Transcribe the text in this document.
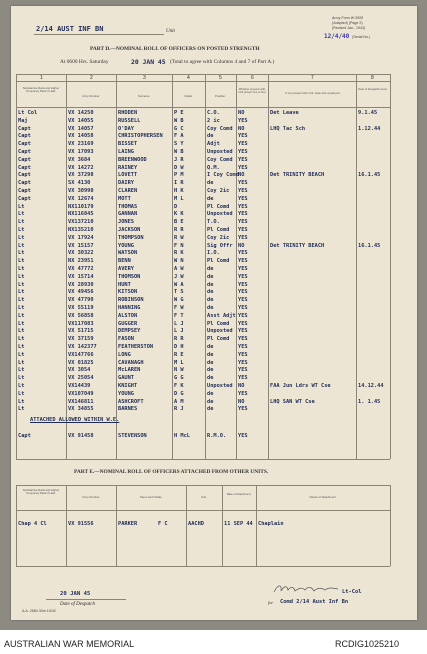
2/14 AUST INF BN	Unit
Army Form W.3008
(Adapted) (Page 2)
(Revised Jan., 1943)
12/4/40 (Serial No.)
PART D.—NOMINAL ROLL OF OFFICERS ON POSTED STRENGTH
At 0600 Hrs. Saturday	20 JAN 45 (Total to agree with Columns 4 and 7 of Part A.)
1	2	3	4	5	6	7	8
Substantive Rank and Higher Temporary Rank if Held.
Army Number.	Surname.	Initials.	Position.
Whether present with Unit (insert Yes or No)	If not present with Unit, state how employed.
Date of Despatch-ment.
Lt Col	VX 14250	RHODEN	P E	C.O.	NO	Det Leave	9.1.45
Maj	VX 14055	RUSSELL	W B	2 ic	YES
Capt	VX 14057	O'DAY	G C	Coy Comd NO	LHQ Tac Sch	1.12.44
Capt	VX 14058	CHRISTOPHERSEN F A	de	YES
Capt	VX 23169	BISSET	S Y	Adjt	YES
Capt	VX 17093	LAING	W B	Unposted YES
Capt	VX 3684	BREENWOOD	J R	Coy Comd YES
Capt	VX 14272	RAINEY	D W	Q.M.	YES
Capt	VX 37298	LOVETT	P M	I Coy Comd NO	Det TRINITY BEACH	16.1.45
Capt	SX 4130	DAIRY	I R	de	YES
Capt	VX 30990	CLAREN	H K	Coy 2ic YES
Capt	VX 12674	MOTT	M L	de	YES
Lt	NX110179	THOMAS	D	Pl Comd YES
Lt	NX116845	GANNAN	K K	Unposted YES
Lt	VX137210	JONES	B E	T.O.	YES
Lt	NX135210	JACKSON	R R	Pl Comd YES
Lt	VX 17924	THOMPSON	R W	Coy 2ic YES
Lt	VX 15157	YOUNG	F N	Sig Offr NO	Det TRINITY BEACH	16.1.45
Lt	VX 30322	WATSON	R K	I.O.	YES
Lt	NX 23951	BENN	W N	Pl Comd YES
Lt	VX 47772	AVERY	A W	de	YES
Lt	VX 15714	THOMSON	J W	de	YES
Lt	VX 28930	HUNT	W A	de	YES
Lt	VX 49456	KITSON	T S	de	YES
Lt	VX 47790	ROBINSON	W G	de	YES
Lt	VX 55119	HANNING	F W	de	YES
Lt	VX 56858	ALSTON	F T	Asst Adjt YES
Lt	VX117083	GUGGER	L J	Pl Comd YES
Lt	VX 51715	DEMPSEY	L J	Unposted YES
Lt	VX 37159	FASON	R R	Pl Comd YES
Lt	VX 142377	FEATHERSTON	D H	de	YES
Lt	VX147766	LONG	R E	de	YES
Lt	VX 01825	CAVANAGH	M L	de	YES
Lt	VX 3054	McLAREN	N W	de	YES
Lt	VX 25054	GAUNT	G G	de	YES
Lt	VX14439	KNIGHT	F K	Unposted NO	FAA Jun Ldrs WT Cse	14.12.44
Lt	VX107049	YOUNG	D G	de	YES
Lt	VX146811	ASHCROFT	A M	de	NO	LHQ SAN WT Cse	1. 1.45
Lt	VX 34855	BARNES	R J	de	YES
ATTACHED ALLOWED WITHIN W.E.
Capt	VX 91458	STEVENSON	H McL	R.M.O. YES
PART E.—NOMINAL ROLL OF OFFICERS ATTACHED FROM OTHER UNITS.
Substantive Rank and Higher Temporary Rank if Held.
Army Number.	Name and Initials.	Unit.
Date of Attachment.
Nature of Attachment.
Chap 4 Cl	VX 91556	PARKER	F C	AACHD	11 SEP 44 Chaplain
20 JAN 45
Date of Despatch
Lt-Col
for Comd 2/14 Aust Inf Bn
A.A. 2584 30m 10/42
AUSTRALIAN WAR MEMORIAL	RCDIG1025210
